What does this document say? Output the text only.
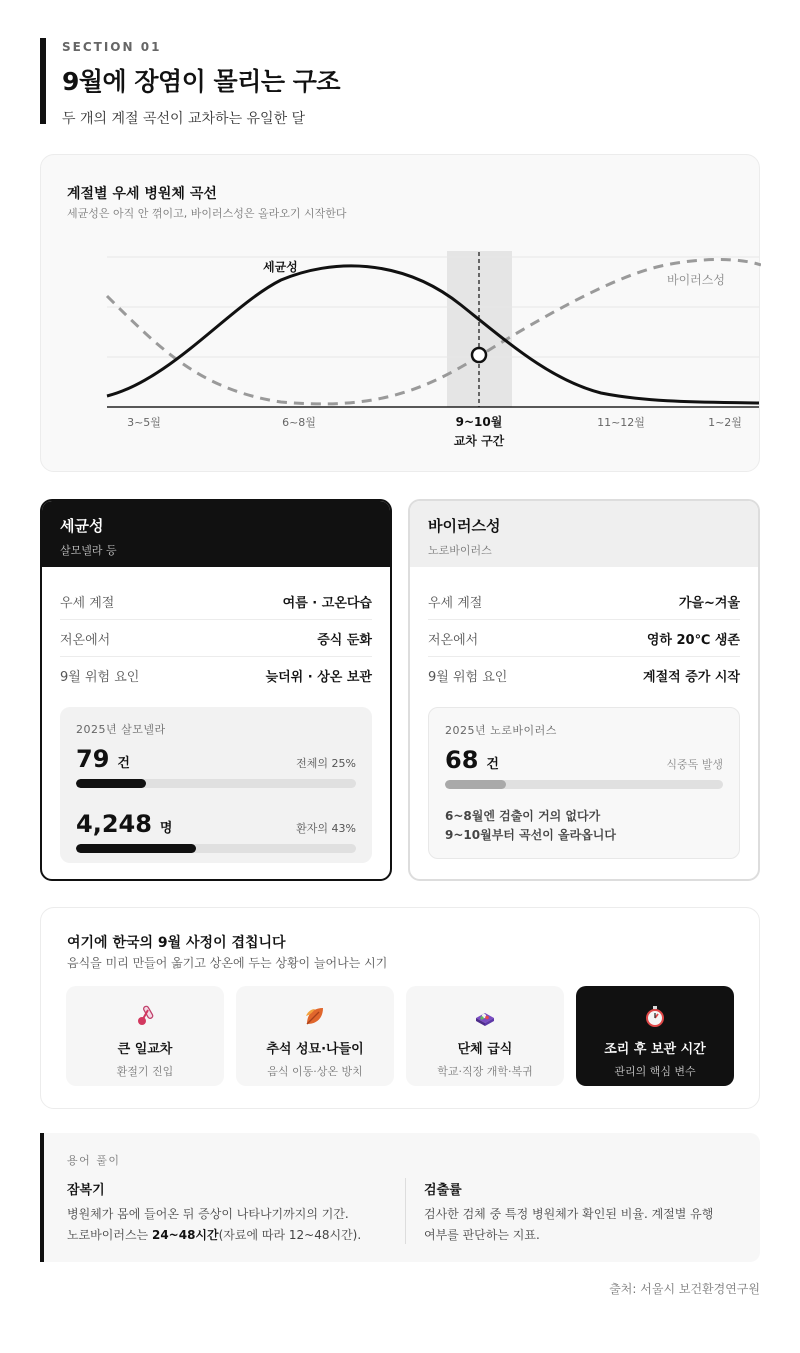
SECTION 01
9월에 장염이 몰리는 구조
두 개의 계절 곡선이 교차하는 유일한 달
계절별 우세 병원체 곡선
세균성은 아직 안 꺾이고, 바이러스성은 올라오기 시작한다
세균성
바이러스성
3~5월	6~8월	9~10월
교차 구간
11~12월	1~2월
세균성
살모넬라 등
우세 계절	여름 · 고온다습
저온에서	증식 둔화
9월 위험 요인	늦더위 · 상온 보관
2025년 살모넬라
79 건	전체의 25%
4,248 명	환자의 43%
바이러스성
노로바이러스
우세 계절	가을~겨울
저온에서	영하 20℃ 생존
9월 위험 요인	계절적 증가 시작
2025년 노로바이러스
68 건	식중독 발생
6~8월엔 검출이 거의 없다가
9~10월부터 곡선이 올라옵니다
여기에 한국의 9월 사정이 겹칩니다
음식을 미리 만들어 옮기고 상온에 두는 상황이 늘어나는 시기
큰 일교차
환절기 진입
추석 성묘·나들이
음식 이동·상온 방치
단체 급식
학교·직장 개학·복귀
조리 후 보관 시간
관리의 핵심 변수
용어 풀이
잠복기
병원체가 몸에 들어온 뒤 증상이 나타나기까지의 기간.
노로바이러스는 24~48시간(자료에 따라 12~48시간).
검출률
검사한 검체 중 특정 병원체가 확인된 비율. 계절별 유행
여부를 판단하는 지표.
출처: 서울시 보건환경연구원
